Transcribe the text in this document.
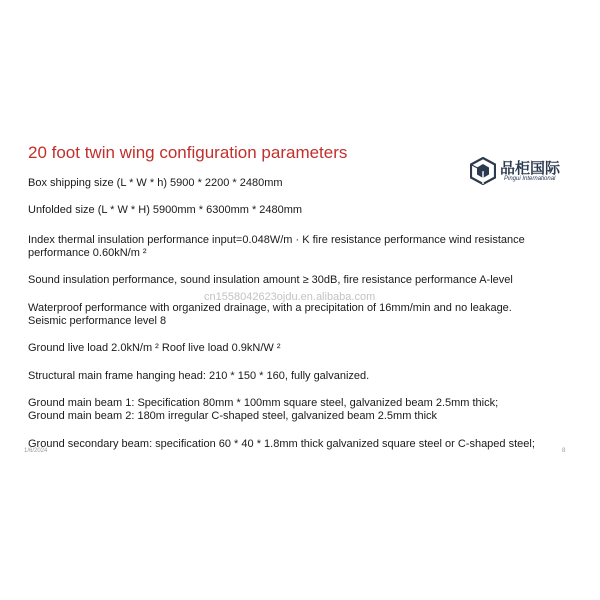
20 foot twin wing configuration parameters
品柜国际
Pingui International
Box shipping size (L * W * h) 5900 * 2200 * 2480mm
Unfolded size (L * W * H) 5900mm * 6300mm * 2480mm
Index thermal insulation performance input=0.048W/m · K fire resistance performance wind resistance
performance 0.60kN/m ²
Sound insulation performance, sound insulation amount ≥ 30dB, fire resistance performance A-level
Waterproof performance with organized drainage, with a precipitation of 16mm/min and no leakage.
Seismic performance level 8
Ground live load 2.0kN/m ² Roof live load 0.9kN/W ²
Structural main frame hanging head: 210 * 150 * 160, fully galvanized.
Ground main beam 1: Specification 80mm * 100mm square steel, galvanized beam 2.5mm thick;
Ground main beam 2: 180m irregular C-shaped steel, galvanized beam 2.5mm thick
Ground secondary beam: specification 60 * 40 * 1.8mm thick galvanized square steel or C-shaped steel;
cn1558042623ojdu.en.alibaba.com
1/6/2024	8
